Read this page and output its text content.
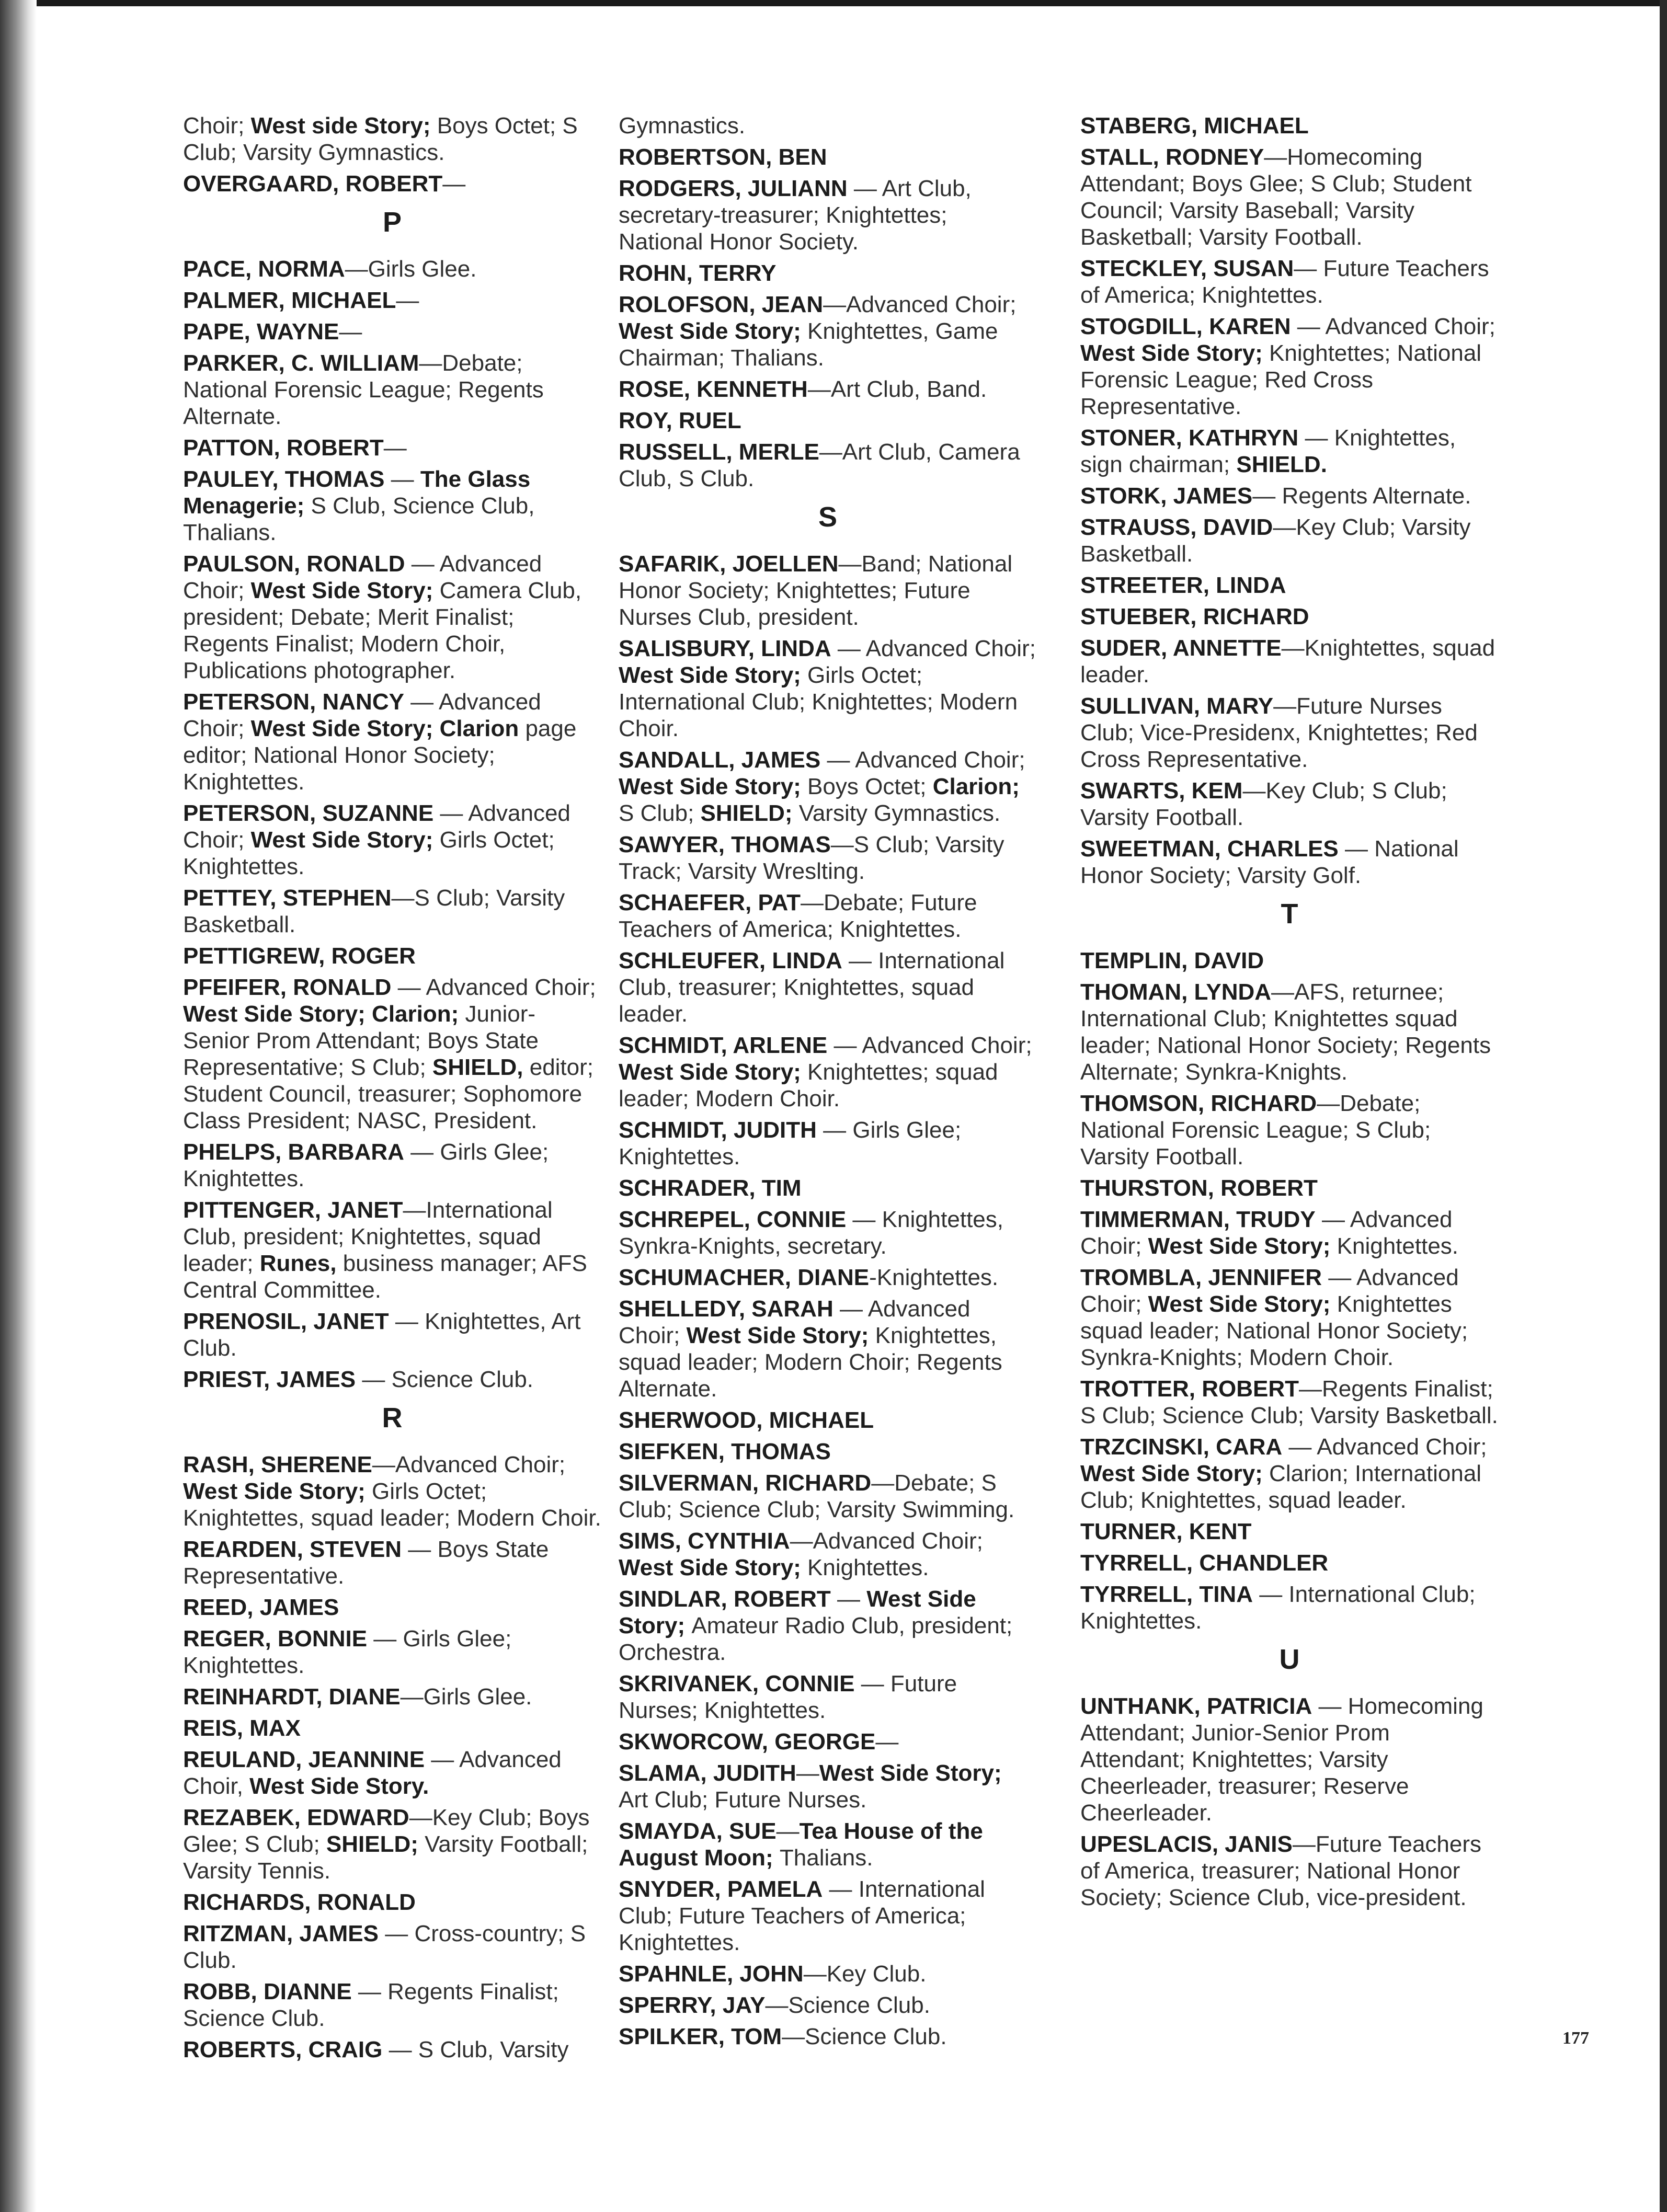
Choir; West side Story; Boys Octet; S Club; Varsity Gymnastics.
OVERGAARD, ROBERT—
P
PACE, NORMA—Girls Glee.
PALMER, MICHAEL—
PAPE, WAYNE—
PARKER, C. WILLIAM—Debate; National Forensic League; Regents Alternate.
PATTON, ROBERT—
PAULEY, THOMAS — The Glass Menagerie; S Club, Science Club, Thalians.
PAULSON, RONALD — Advanced Choir; West Side Story; Camera Club, president; Debate; Merit Finalist; Regents Finalist; Modern Choir, Publications photographer.
PETERSON, NANCY — Advanced Choir; West Side Story; Clarion page editor; National Honor Society; Knightettes.
PETERSON, SUZANNE — Advanced Choir; West Side Story; Girls Octet; Knightettes.
PETTEY, STEPHEN—S Club; Varsity Basketball.
PETTIGREW, ROGER
PFEIFER, RONALD — Advanced Choir; West Side Story; Clarion; Junior-Senior Prom Attendant; Boys State Representative; S Club; SHIELD, editor; Student Council, treasurer; Sophomore Class President; NASC, President.
PHELPS, BARBARA — Girls Glee; Knightettes.
PITTENGER, JANET—International Club, president; Knightettes, squad leader; Runes, business manager; AFS Central Committee.
PRENOSIL, JANET — Knightettes, Art Club.
PRIEST, JAMES — Science Club.
R
RASH, SHERENE—Advanced Choir; West Side Story; Girls Octet; Knightettes, squad leader; Modern Choir.
REARDEN, STEVEN — Boys State Representative.
REED, JAMES
REGER, BONNIE — Girls Glee; Knightettes.
REINHARDT, DIANE—Girls Glee.
REIS, MAX
REULAND, JEANNINE — Advanced Choir, West Side Story.
REZABEK, EDWARD—Key Club; Boys Glee; S Club; SHIELD; Varsity Football; Varsity Tennis.
RICHARDS, RONALD
RITZMAN, JAMES — Cross-country; S Club.
ROBB, DIANNE — Regents Finalist; Science Club.
ROBERTS, CRAIG — S Club, Varsity
Gymnastics.
ROBERTSON, BEN
RODGERS, JULIANN — Art Club, secretary-treasurer; Knightettes; National Honor Society.
ROHN, TERRY
ROLOFSON, JEAN—Advanced Choir; West Side Story; Knightettes, Game Chairman; Thalians.
ROSE, KENNETH—Art Club, Band.
ROY, RUEL
RUSSELL, MERLE—Art Club, Camera Club, S Club.
S
SAFARIK, JOELLEN—Band; National Honor Society; Knightettes; Future Nurses Club, president.
SALISBURY, LINDA — Advanced Choir; West Side Story; Girls Octet; International Club; Knightettes; Modern Choir.
SANDALL, JAMES — Advanced Choir; West Side Story; Boys Octet; Clarion; S Club; SHIELD; Varsity Gymnastics.
SAWYER, THOMAS—S Club; Varsity Track; Varsity Wreslting.
SCHAEFER, PAT—Debate; Future Teachers of America; Knightettes.
SCHLEUFER, LINDA — International Club, treasurer; Knightettes, squad leader.
SCHMIDT, ARLENE — Advanced Choir; West Side Story; Knightettes; squad leader; Modern Choir.
SCHMIDT, JUDITH — Girls Glee; Knightettes.
SCHRADER, TIM
SCHREPEL, CONNIE — Knightettes, Synkra-Knights, secretary.
SCHUMACHER, DIANE-Knightettes.
SHELLEDY, SARAH — Advanced Choir; West Side Story; Knightettes, squad leader; Modern Choir; Regents Alternate.
SHERWOOD, MICHAEL
SIEFKEN, THOMAS
SILVERMAN, RICHARD—Debate; S Club; Science Club; Varsity Swimming.
SIMS, CYNTHIA—Advanced Choir; West Side Story; Knightettes.
SINDLAR, ROBERT — West Side Story; Amateur Radio Club, president; Orchestra.
SKRIVANEK, CONNIE — Future Nurses; Knightettes.
SKWORCOW, GEORGE—
SLAMA, JUDITH—West Side Story; Art Club; Future Nurses.
SMAYDA, SUE—Tea House of the August Moon; Thalians.
SNYDER, PAMELA — International Club; Future Teachers of America; Knightettes.
SPAHNLE, JOHN—Key Club.
SPERRY, JAY—Science Club.
SPILKER, TOM—Science Club.
STABERG, MICHAEL
STALL, RODNEY—Homecoming Attendant; Boys Glee; S Club; Student Council; Varsity Baseball; Varsity Basketball; Varsity Football.
STECKLEY, SUSAN— Future Teachers of America; Knightettes.
STOGDILL, KAREN — Advanced Choir; West Side Story; Knightettes; National Forensic League; Red Cross Representative.
STONER, KATHRYN — Knightettes, sign chairman; SHIELD.
STORK, JAMES— Regents Alternate.
STRAUSS, DAVID—Key Club; Varsity Basketball.
STREETER, LINDA
STUEBER, RICHARD
SUDER, ANNETTE—Knightettes, squad leader.
SULLIVAN, MARY—Future Nurses Club; Vice-Presidenx, Knightettes; Red Cross Representative.
SWARTS, KEM—Key Club; S Club; Varsity Football.
SWEETMAN, CHARLES — National Honor Society; Varsity Golf.
T
TEMPLIN, DAVID
THOMAN, LYNDA—AFS, returnee; International Club; Knightettes squad leader; National Honor Society; Regents Alternate; Synkra-Knights.
THOMSON, RICHARD—Debate; National Forensic League; S Club; Varsity Football.
THURSTON, ROBERT
TIMMERMAN, TRUDY — Advanced Choir; West Side Story; Knightettes.
TROMBLA, JENNIFER — Advanced Choir; West Side Story; Knightettes squad leader; National Honor Society; Synkra-Knights; Modern Choir.
TROTTER, ROBERT—Regents Finalist; S Club; Science Club; Varsity Basketball.
TRZCINSKI, CARA — Advanced Choir; West Side Story; Clarion; International Club; Knightettes, squad leader.
TURNER, KENT
TYRRELL, CHANDLER
TYRRELL, TINA — International Club; Knightettes.
U
UNTHANK, PATRICIA — Homecoming Attendant; Junior-Senior Prom Attendant; Knightettes; Varsity Cheerleader, treasurer; Reserve Cheerleader.
UPESLACIS, JANIS—Future Teachers of America, treasurer; National Honor Society; Science Club, vice-president.
177
